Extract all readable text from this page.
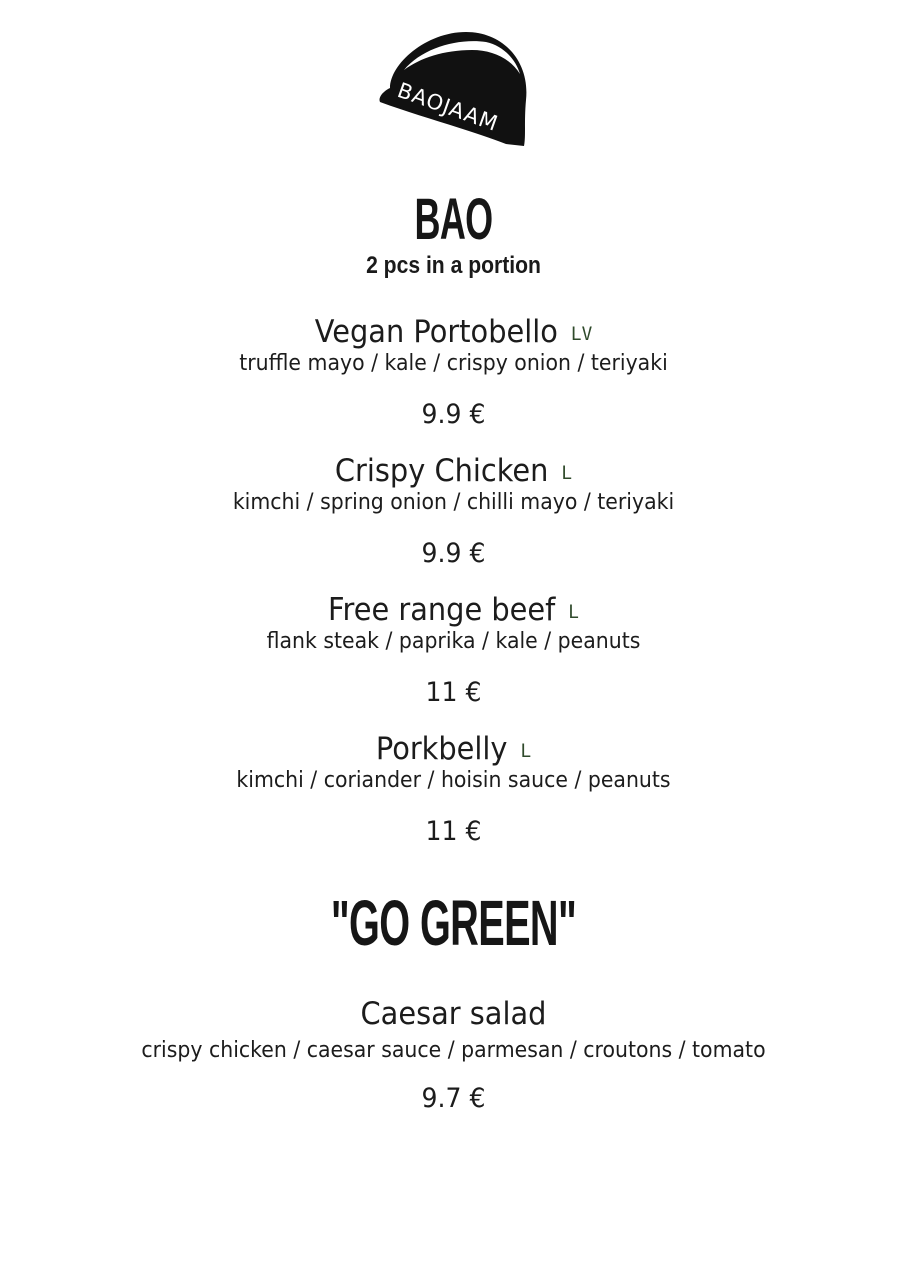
BAOJAAM
BAO
2 pcs in a portion
Vegan Portobello LV
truffle mayo / kale / crispy onion / teriyaki
9.9 €
Crispy Chicken L
kimchi / spring onion / chilli mayo / teriyaki
9.9 €
Free range beef L
flank steak / paprika / kale / peanuts
11 €
Porkbelly L
kimchi / coriander / hoisin sauce / peanuts
11 €
"GO GREEN"
Caesar salad
crispy chicken / caesar sauce / parmesan / croutons / tomato
9.7 €
